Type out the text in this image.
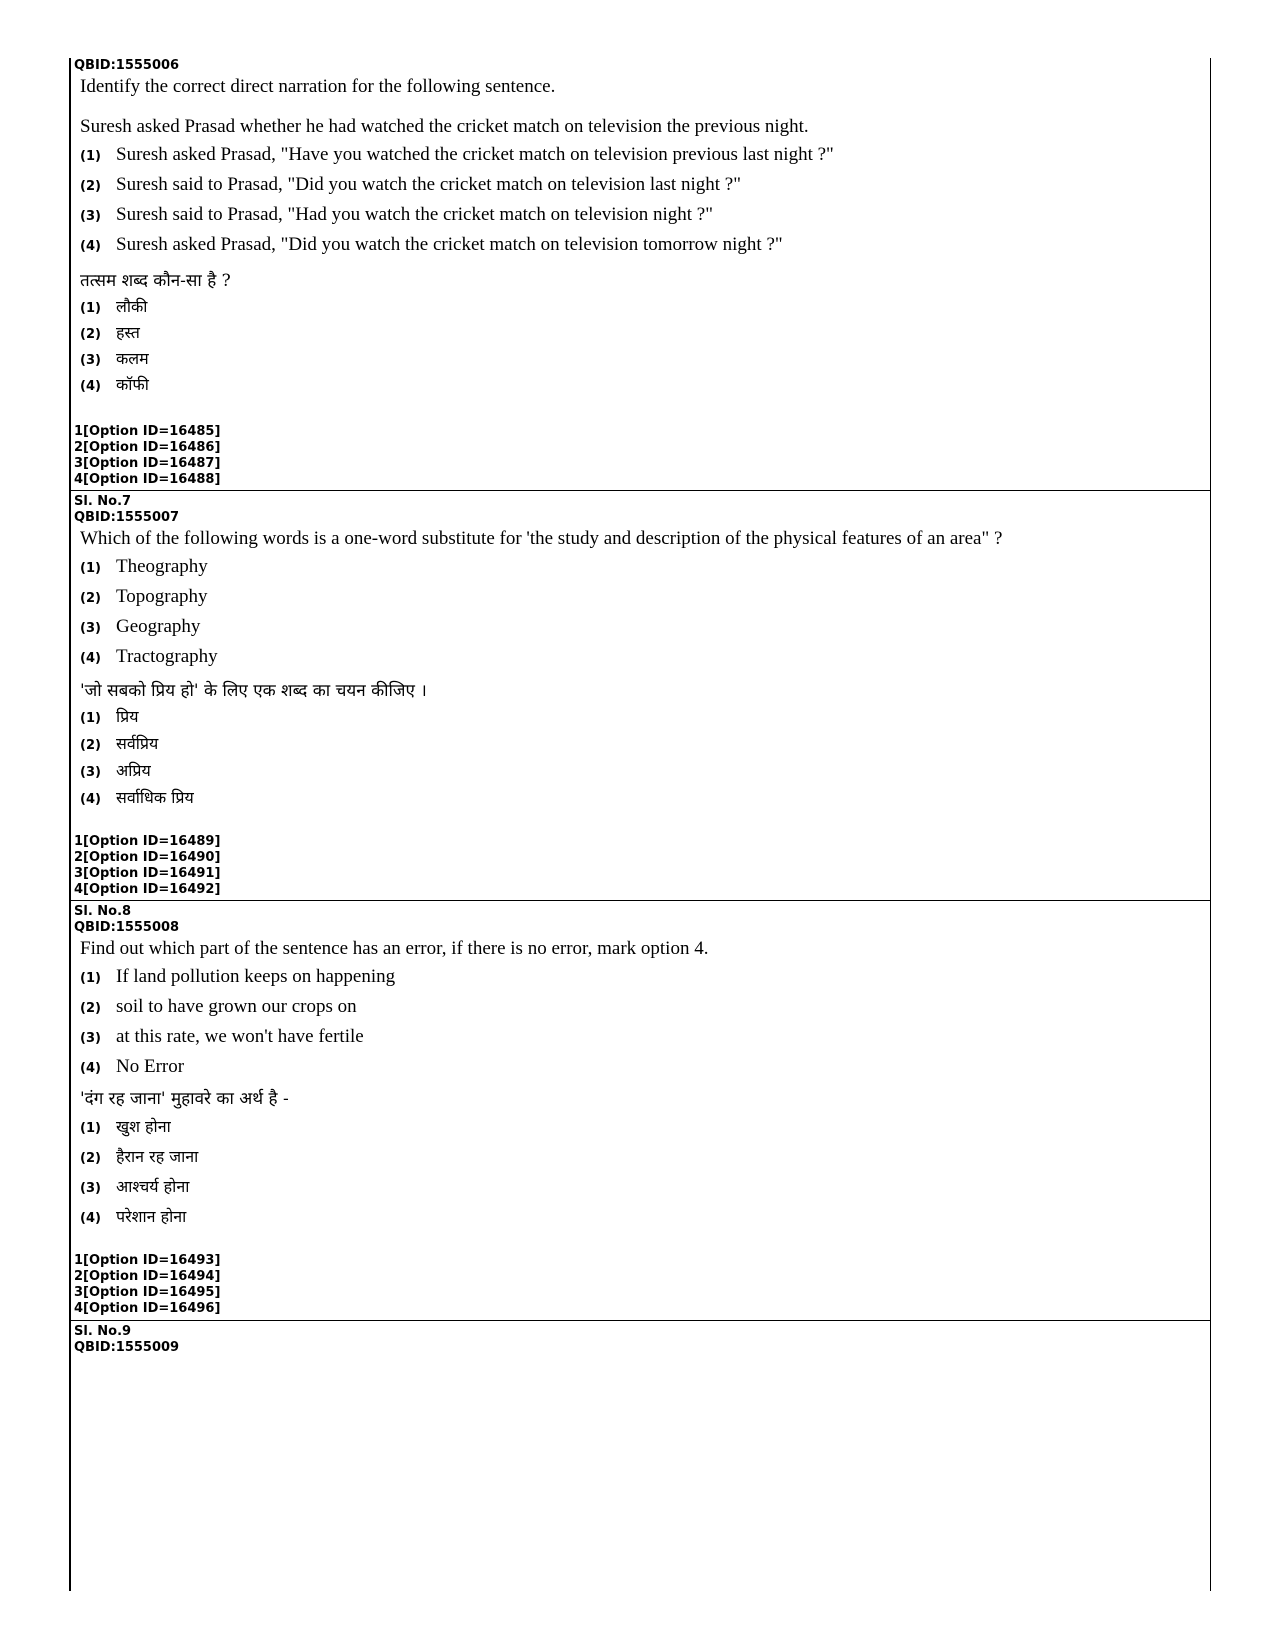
QBID:1555006
Identify the correct direct narration for the following sentence.
Suresh asked Prasad whether he had watched the cricket match on television the previous night.
(1) Suresh asked Prasad, "Have you watched the cricket match on television previous last night ?"
(2) Suresh said to Prasad, "Did you watch the cricket match on television last night ?"
(3) Suresh said to Prasad, "Had you watch the cricket match on television night ?"
(4) Suresh asked Prasad, "Did you watch the cricket match on television tomorrow night ?"
तत्सम शब्द कौन-सा है ?
(1) लौकी
(2) हस्त
(3) कलम
(4) कॉफी
1[Option ID=16485]
2[Option ID=16486]
3[Option ID=16487]
4[Option ID=16488]
Sl. No.7
QBID:1555007
Which of the following words is a one-word substitute for 'the study and description of the physical features of an area" ?
(1) Theography
(2) Topography
(3) Geography
(4) Tractography
'जो सबको प्रिय हो' के लिए एक शब्द का चयन कीजिए ।
(1) प्रिय
(2) सर्वप्रिय
(3) अप्रिय
(4) सर्वाधिक प्रिय
1[Option ID=16489]
2[Option ID=16490]
3[Option ID=16491]
4[Option ID=16492]
Sl. No.8
QBID:1555008
Find out which part of the sentence has an error, if there is no error, mark option 4.
(1) If land pollution keeps on happening
(2) soil to have grown our crops on
(3) at this rate, we won't have fertile
(4) No Error
'दंग रह जाना' मुहावरे का अर्थ है -
(1) खुश होना
(2) हैरान रह जाना
(3) आश्चर्य होना
(4) परेशान होना
1[Option ID=16493]
2[Option ID=16494]
3[Option ID=16495]
4[Option ID=16496]
Sl. No.9
QBID:1555009
